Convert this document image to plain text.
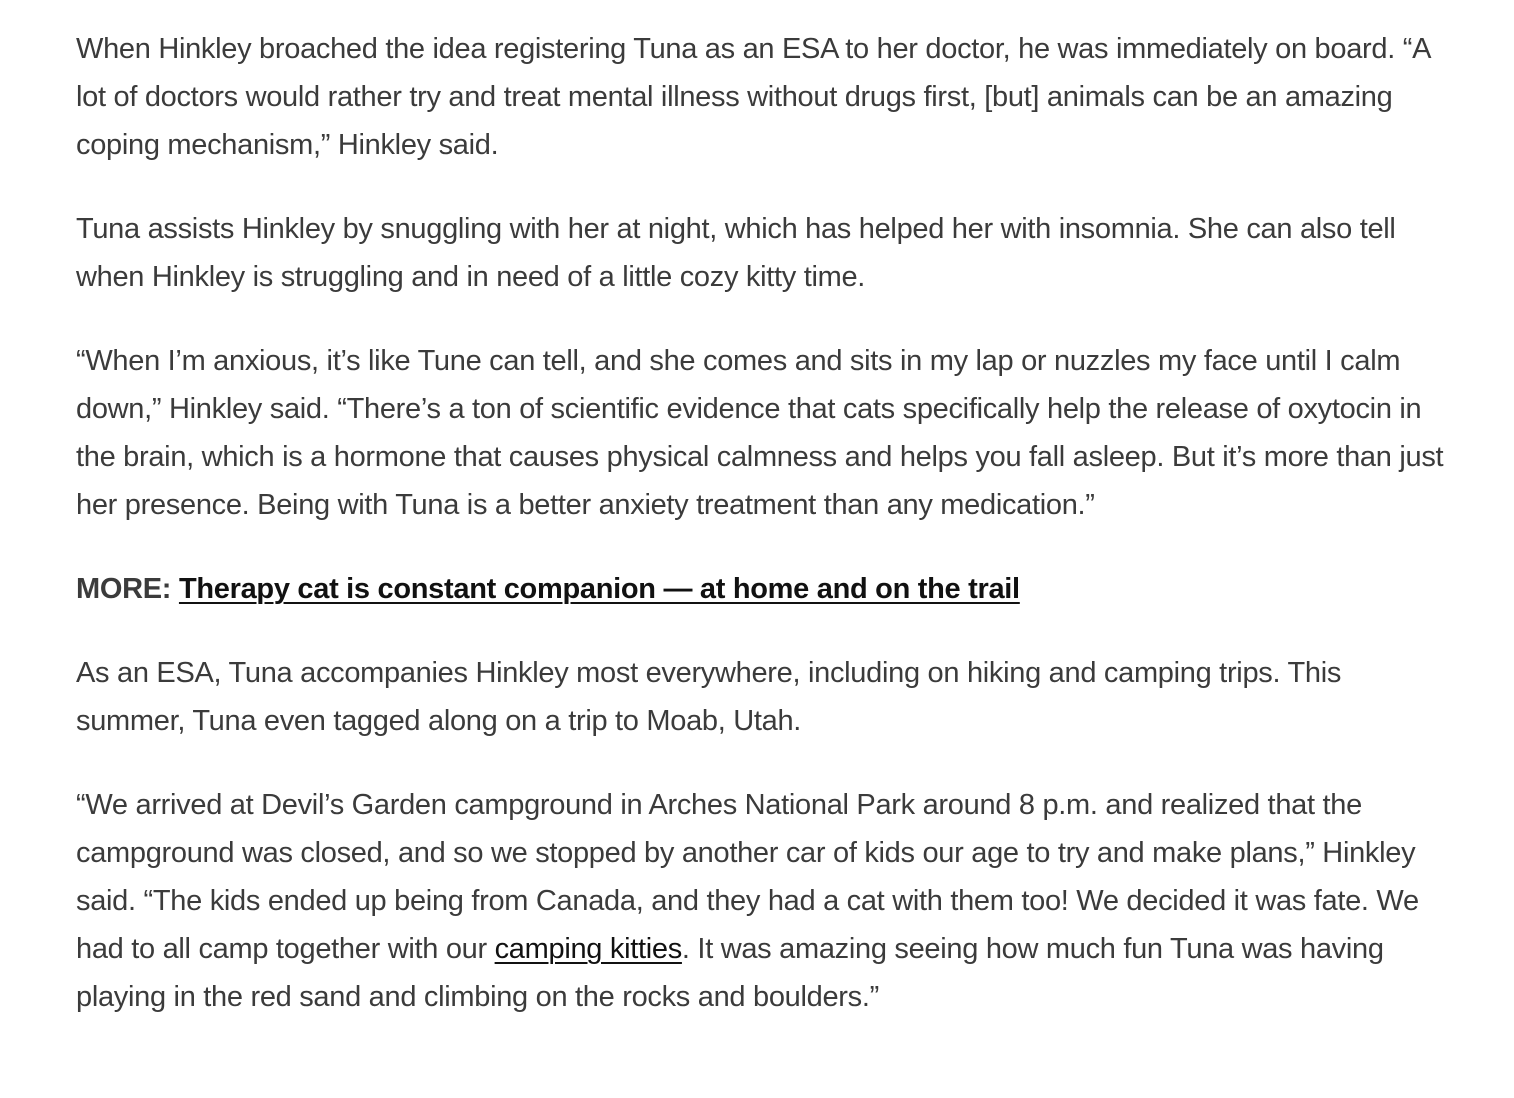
When Hinkley broached the idea registering Tuna as an ESA to her doctor, he was immediately on board. “A lot of doctors would rather try and treat mental illness without drugs first, [but] animals can be an amazing coping mechanism,” Hinkley said.

Tuna assists Hinkley by snuggling with her at night, which has helped her with insomnia. She can also tell when Hinkley is struggling and in need of a little cozy kitty time.

“When I’m anxious, it’s like Tune can tell, and she comes and sits in my lap or nuzzles my face until I calm down,” Hinkley said. “There’s a ton of scientific evidence that cats specifically help the release of oxytocin in the brain, which is a hormone that causes physical calmness and helps you fall asleep. But it’s more than just her presence. Being with Tuna is a better anxiety treatment than any medication.”

MORE: Therapy cat is constant companion — at home and on the trail

As an ESA, Tuna accompanies Hinkley most everywhere, including on hiking and camping trips. This summer, Tuna even tagged along on a trip to Moab, Utah.

“We arrived at Devil’s Garden campground in Arches National Park around 8 p.m. and realized that the campground was closed, and so we stopped by another car of kids our age to try and make plans,” Hinkley said. “The kids ended up being from Canada, and they had a cat with them too! We decided it was fate. We had to all camp together with our camping kitties. It was amazing seeing how much fun Tuna was having playing in the red sand and climbing on the rocks and boulders.”
